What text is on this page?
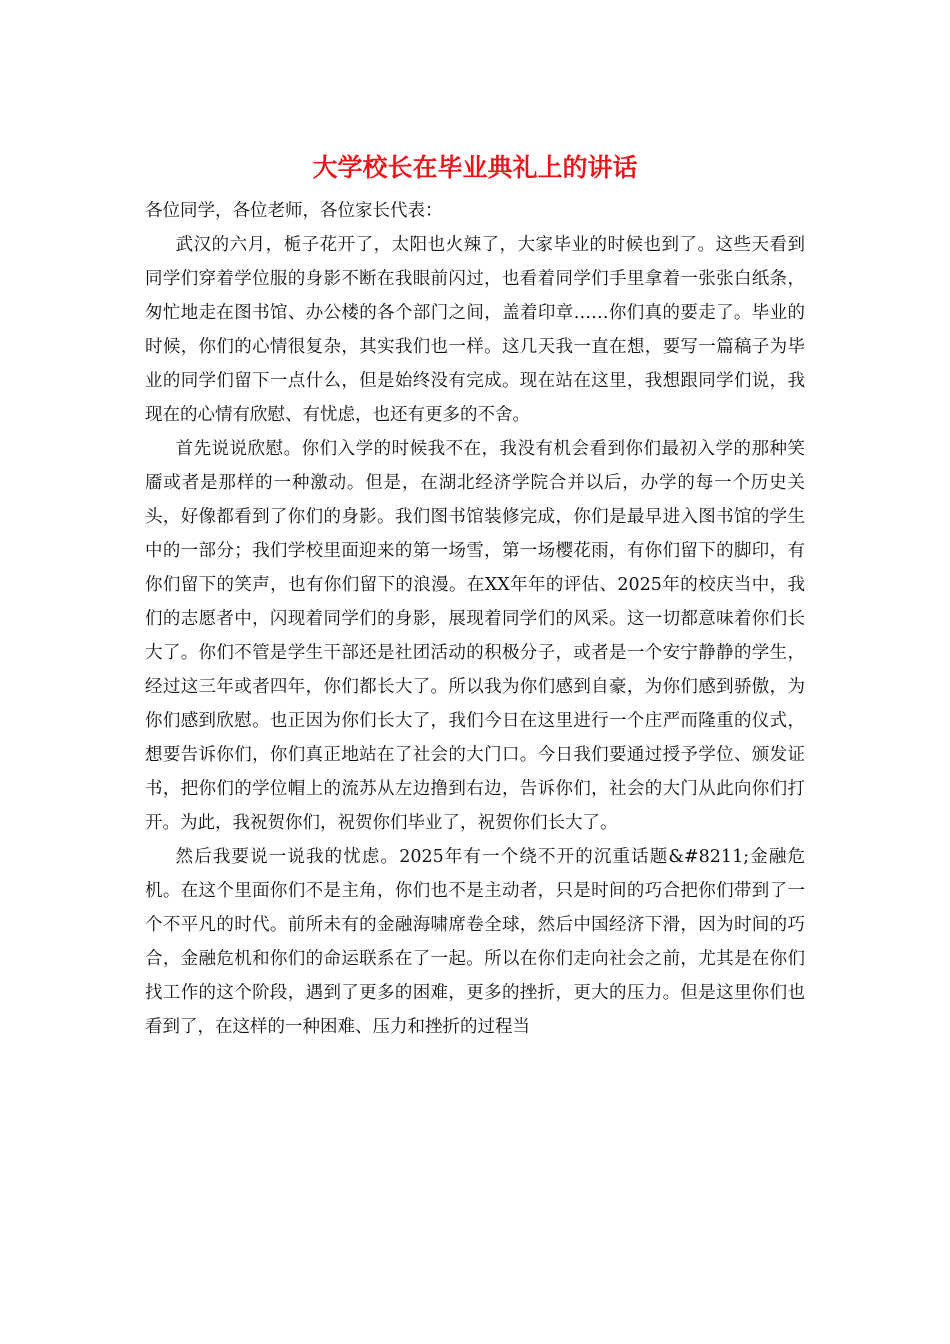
大学校长在毕业典礼上的讲话

各位同学，各位老师，各位家长代表：

武汉的六月，栀子花开了，太阳也火辣了，大家毕业的时候也到了。这些天看到同学们穿着学位服的身影不断在我眼前闪过，也看着同学们手里拿着一张张白纸条，匆忙地走在图书馆、办公楼的各个部门之间，盖着印章……你们真的要走了。毕业的时候，你们的心情很复杂，其实我们也一样。这几天我一直在想，要写一篇稿子为毕业的同学们留下一点什么，但是始终没有完成。现在站在这里，我想跟同学们说，我现在的心情有欣慰、有忧虑，也还有更多的不舍。

首先说说欣慰。你们入学的时候我不在，我没有机会看到你们最初入学的那种笑靥或者是那样的一种激动。但是，在湖北经济学院合并以后，办学的每一个历史关头，好像都看到了你们的身影。我们图书馆装修完成，你们是最早进入图书馆的学生中的一部分；我们学校里面迎来的第一场雪，第一场樱花雨，有你们留下的脚印，有你们留下的笑声，也有你们留下的浪漫。在XX年年的评估、2025年的校庆当中，我们的志愿者中，闪现着同学们的身影，展现着同学们的风采。这一切都意味着你们长大了。你们不管是学生干部还是社团活动的积极分子，或者是一个安宁静静的学生，经过这三年或者四年，你们都长大了。所以我为你们感到自豪，为你们感到骄傲，为你们感到欣慰。也正因为你们长大了，我们今日在这里进行一个庄严而隆重的仪式，想要告诉你们，你们真正地站在了社会的大门口。今日我们要通过授予学位、颁发证书，把你们的学位帽上的流苏从左边撸到右边，告诉你们，社会的大门从此向你们打开。为此，我祝贺你们，祝贺你们毕业了，祝贺你们长大了。

然后我要说一说我的忧虑。2025年有一个绕不开的沉重话题&#8211;金融危机。在这个里面你们不是主角，你们也不是主动者，只是时间的巧合把你们带到了一个不平凡的时代。前所未有的金融海啸席卷全球，然后中国经济下滑，因为时间的巧合，金融危机和你们的命运联系在了一起。所以在你们走向社会之前，尤其是在你们找工作的这个阶段，遇到了更多的困难，更多的挫折，更大的压力。但是这里你们也看到了，在这样的一种困难、压力和挫折的过程当
